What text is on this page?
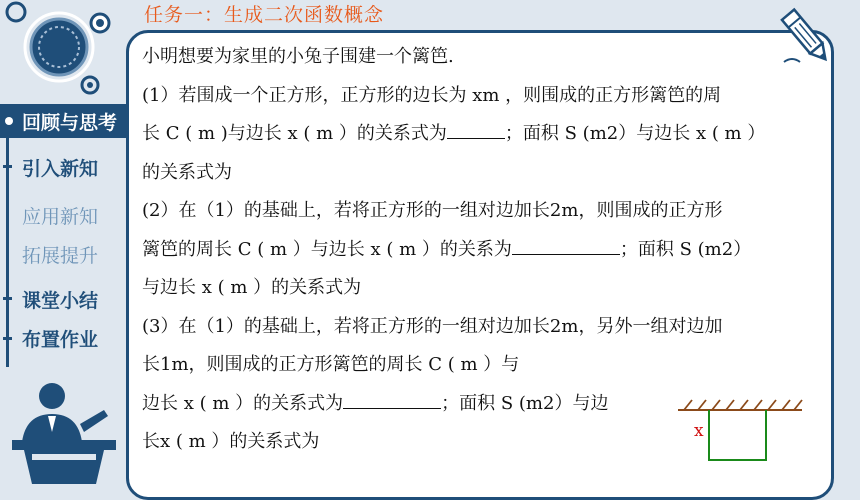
回顾与思考
引入新知
应用新知
拓展提升
课堂小结
布置作业
任务一：生成二次函数概念

小明想要为家里的小兔子围建一个篱笆.

(1）若围成一个正方形，正方形的边长为 xm ，则围成的正方形篱笆的周

长 C ( m )与边长 x ( m ）的关系式为	；面积 S (m2）与边长 x ( m ）

的关系式为

(2）在（1）的基础上，若将正方形的一组对边加长2m，则围成的正方形

篱笆的周长 C ( m ）与边长 x ( m ）的关系为	；面积 S (m2）

与边长 x ( m ）的关系式为

(3）在（1）的基础上，若将正方形的一组对边加长2m，另外一组对边加

长1m，则围成的正方形篱笆的周长 C ( m ）与

边长 x ( m ）的关系式为	；面积 S (m2）与边

长x ( m ）的关系式为	x
